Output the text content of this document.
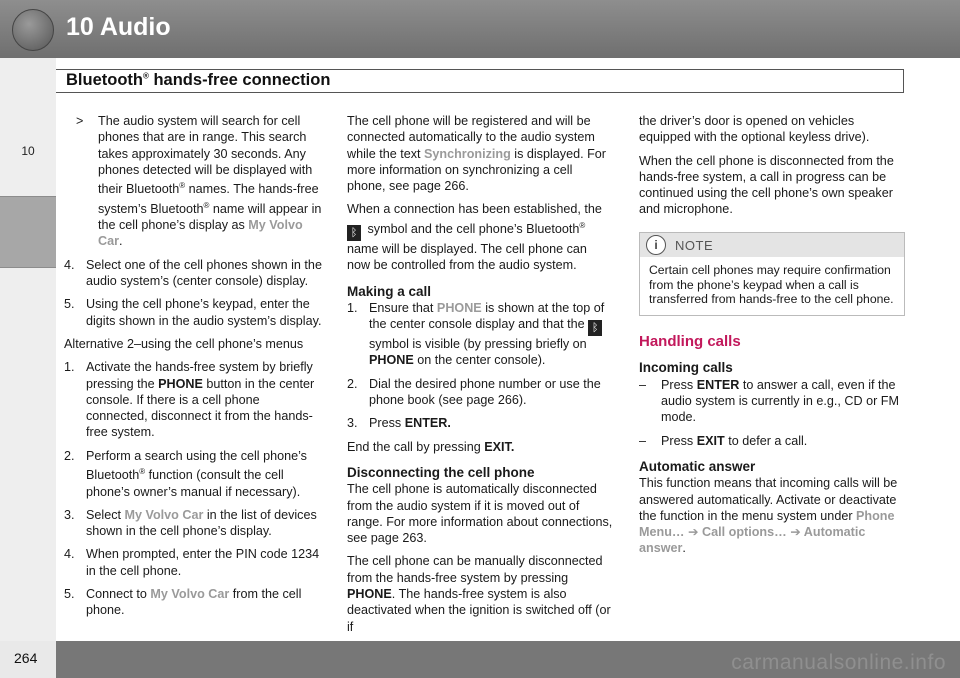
10 Audio
10
Bluetooth® hands-free connection
> The audio system will search for cell phones that are in range. This search takes approximately 30 seconds. Any phones detected will be displayed with their Bluetooth® names. The hands-free system’s Bluetooth® name will appear in the cell phone’s display as My Volvo Car.
4. Select one of the cell phones shown in the audio system’s (center console) display.
5. Using the cell phone’s keypad, enter the digits shown in the audio system’s display.

Alternative 2–using the cell phone’s menus

1. Activate the hands-free system by briefly pressing the PHONE button in the center console. If there is a cell phone connected, disconnect it from the hands-free system.
2. Perform a search using the cell phone’s Bluetooth® function (consult the cell phone’s owner’s manual if necessary).
3. Select My Volvo Car in the list of devices shown in the cell phone’s display.
4. When prompted, enter the PIN code 1234 in the cell phone.
5. Connect to My Volvo Car from the cell phone.

The cell phone will be registered and will be connected automatically to the audio system while the text Synchronizing is displayed. For more information on synchronizing a cell phone, see page 266.

When a connection has been established, the ᛒ symbol and the cell phone’s Bluetooth® name will be displayed. The cell phone can now be controlled from the audio system.

Making a call
1. Ensure that PHONE is shown at the top of the center console display and that the ᛒ symbol is visible (by pressing briefly on PHONE on the center console).
2. Dial the desired phone number or use the phone book (see page 266).
3. Press ENTER.

End the call by pressing EXIT.

Disconnecting the cell phone

The cell phone is automatically disconnected from the audio system if it is moved out of range. For more information about connections, see page 263.

The cell phone can be manually disconnected from the hands-free system by pressing PHONE. The hands-free system is also deactivated when the ignition is switched off (or if

the driver’s door is opened on vehicles equipped with the optional keyless drive).

When the cell phone is disconnected from the hands-free system, a call in progress can be continued using the cell phone’s own speaker and microphone.

i	NOTE
Certain cell phones may require confirmation from the phone’s keypad when a call is transferred from hands-free to the cell phone.
Handling calls
Incoming calls
– Press ENTER to answer a call, even if the audio system is currently in e.g., CD or FM mode.
– Press EXIT to defer a call.
Automatic answer

This function means that incoming calls will be answered automatically. Activate or deactivate the function in the menu system under Phone Menu… ➔ Call options… ➔ Automatic answer.

carmanualsonline.info
264
